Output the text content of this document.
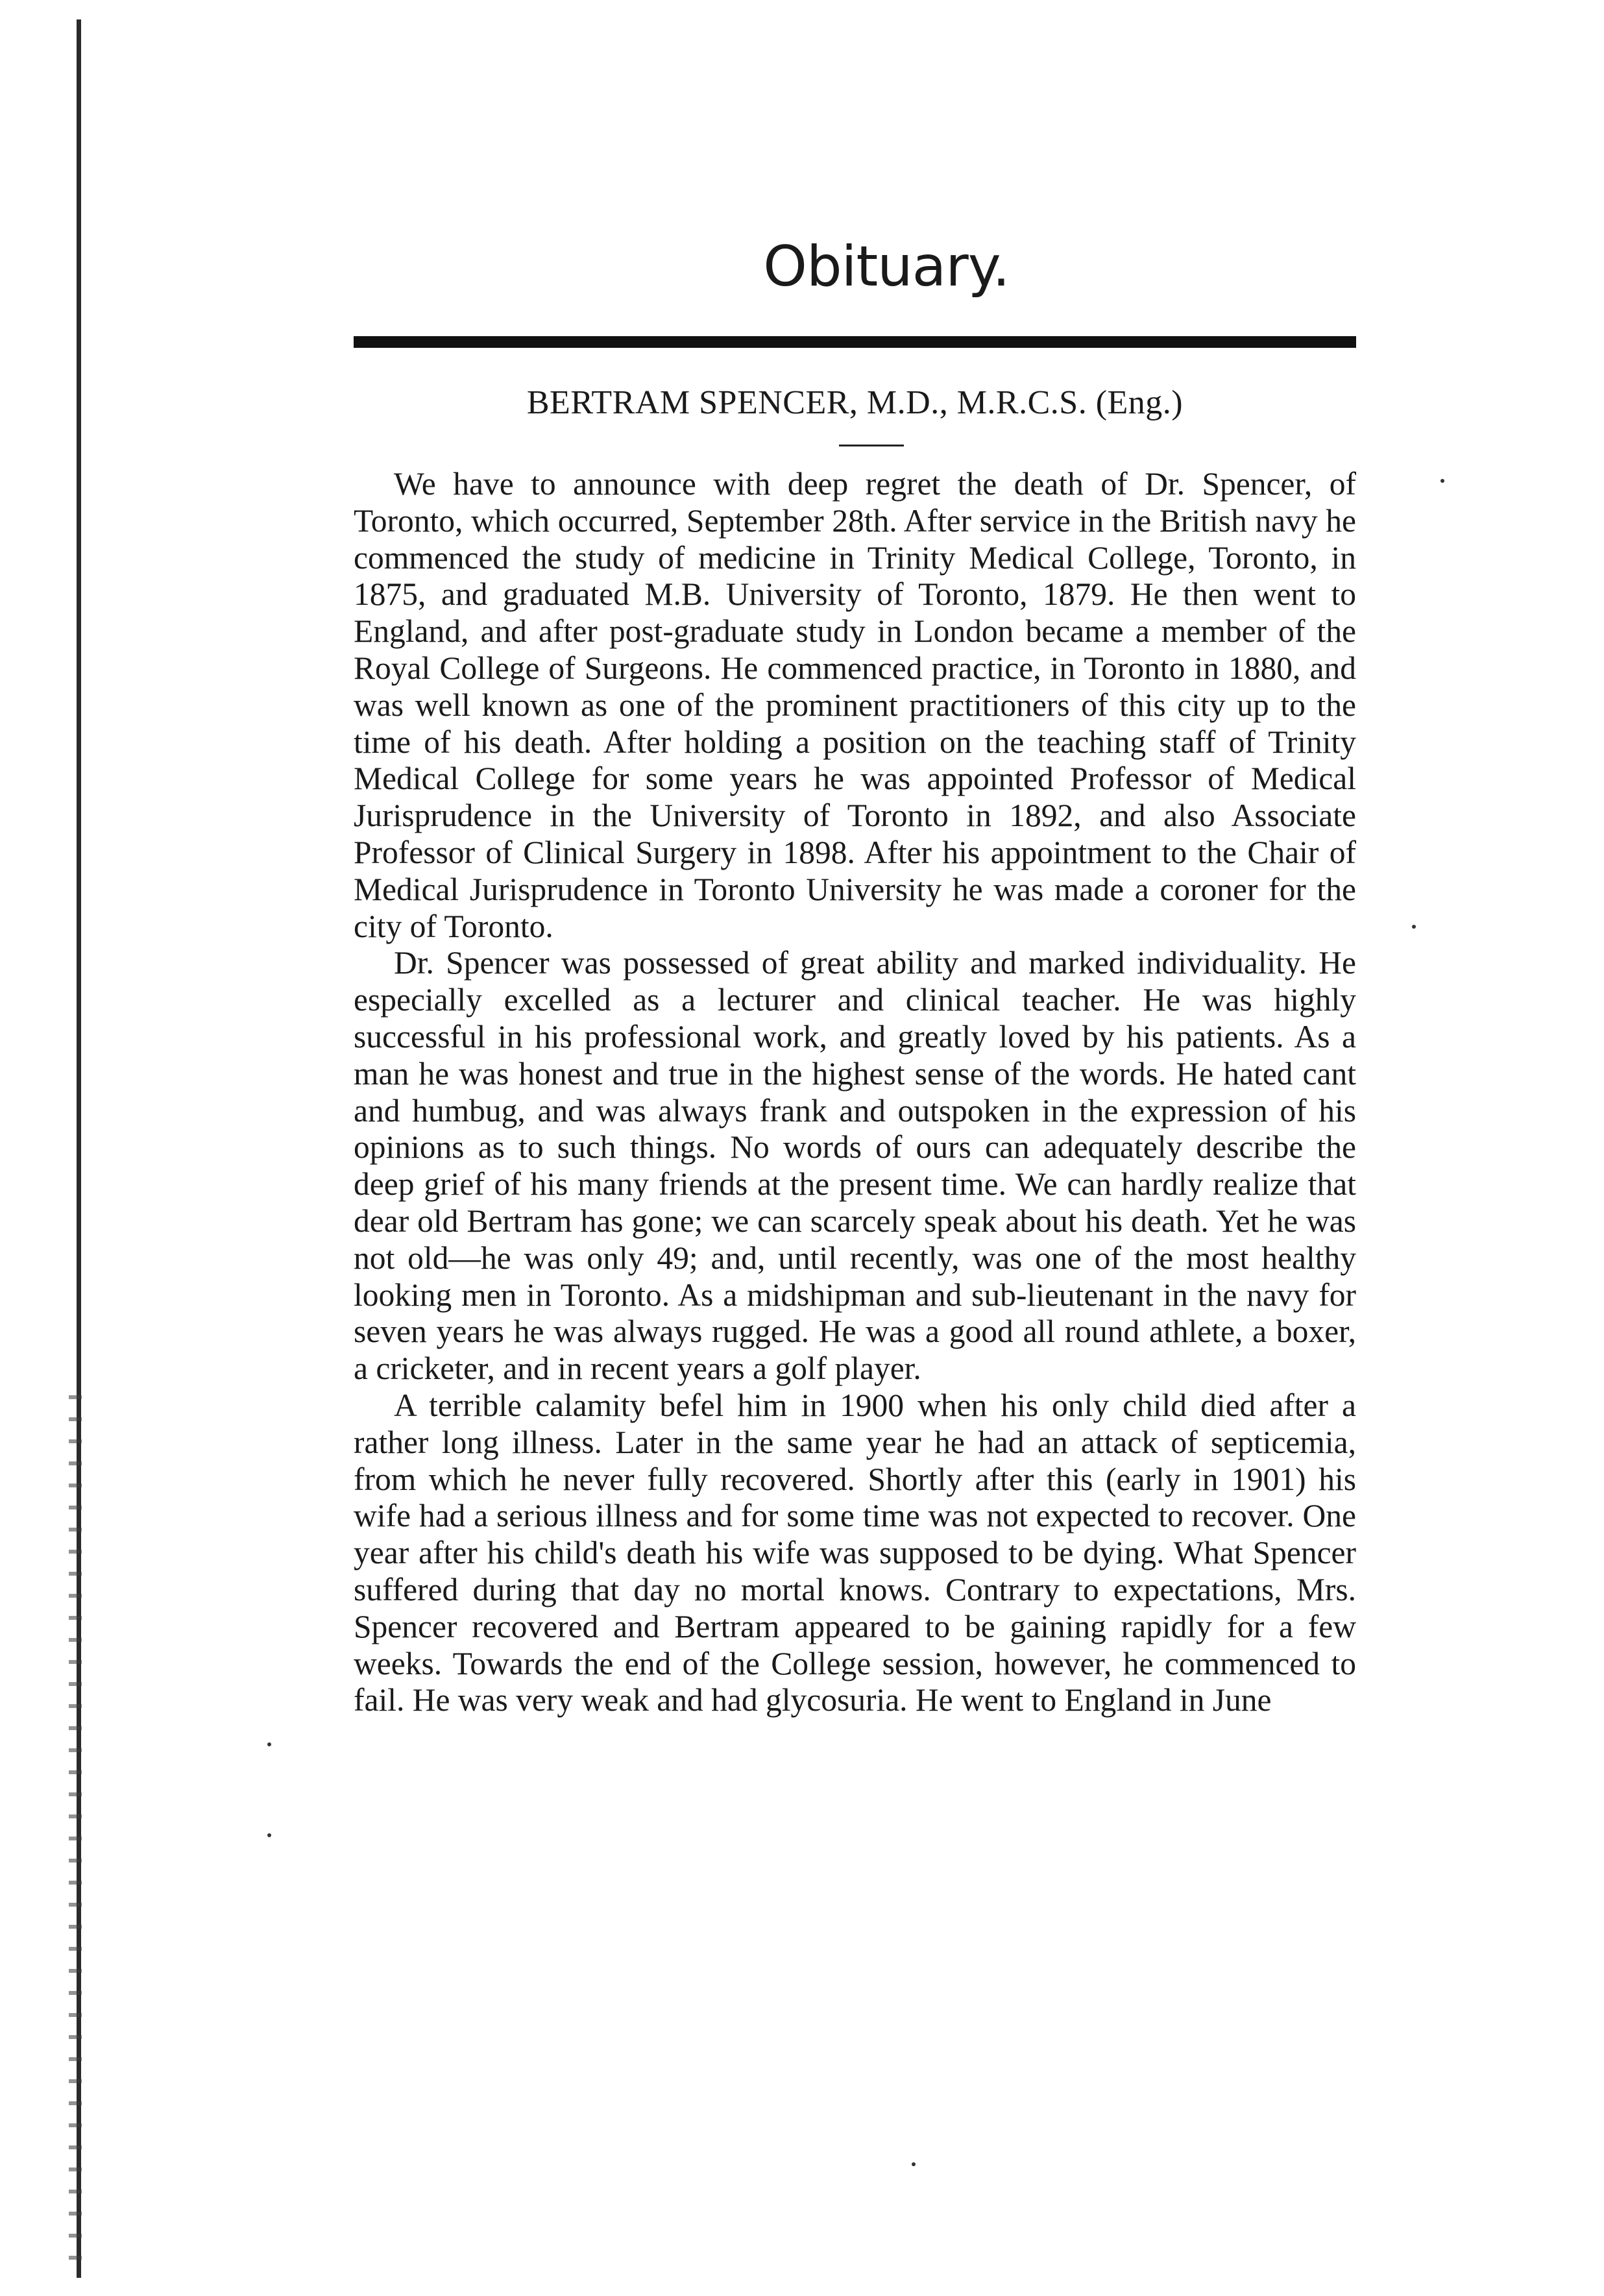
Obituary.
BERTRAM SPENCER, M.D., M.R.C.S. (Eng.)

We have to announce with deep regret the death of Dr. Spencer, of Toronto, which occurred, September 28th. After service in the British navy he commenced the study of medicine in Trinity Medical College, Toronto, in 1875, and graduated M.B. University of Toronto, 1879. He then went to England, and after post-graduate study in London became a member of the Royal College of Surgeons. He commenced practice, in Toronto in 1880, and was well known as one of the prominent practitioners of this city up to the time of his death. After holding a position on the teaching staff of Trinity Medical College for some years he was appointed Professor of Medical Jurisprudence in the University of Toronto in 1892, and also Associate Professor of Clinical Surgery in 1898. After his appointment to the Chair of Medical Jurisprudence in Toronto University he was made a coroner for the city of Toronto.

Dr. Spencer was possessed of great ability and marked individuality. He especially excelled as a lecturer and clinical teacher. He was highly successful in his professional work, and greatly loved by his patients. As a man he was honest and true in the highest sense of the words. He hated cant and humbug, and was always frank and outspoken in the expression of his opinions as to such things. No words of ours can adequately describe the deep grief of his many friends at the present time. We can hardly realize that dear old Bertram has gone; we can scarcely speak about his death. Yet he was not old—he was only 49; and, until recently, was one of the most healthy looking men in Toronto. As a midshipman and sub-lieutenant in the navy for seven years he was always rugged. He was a good all round athlete, a boxer, a cricketer, and in recent years a golf player.

A terrible calamity befel him in 1900 when his only child died after a rather long illness. Later in the same year he had an attack of septicemia, from which he never fully recovered. Shortly after this (early in 1901) his wife had a serious illness and for some time was not expected to recover. One year after his child's death his wife was supposed to be dying. What Spencer suffered during that day no mortal knows. Contrary to expectations, Mrs. Spencer recovered and Bertram appeared to be gaining rapidly for a few weeks. Towards the end of the College session, however, he commenced to fail. He was very weak and had glycosuria. He went to England in June
